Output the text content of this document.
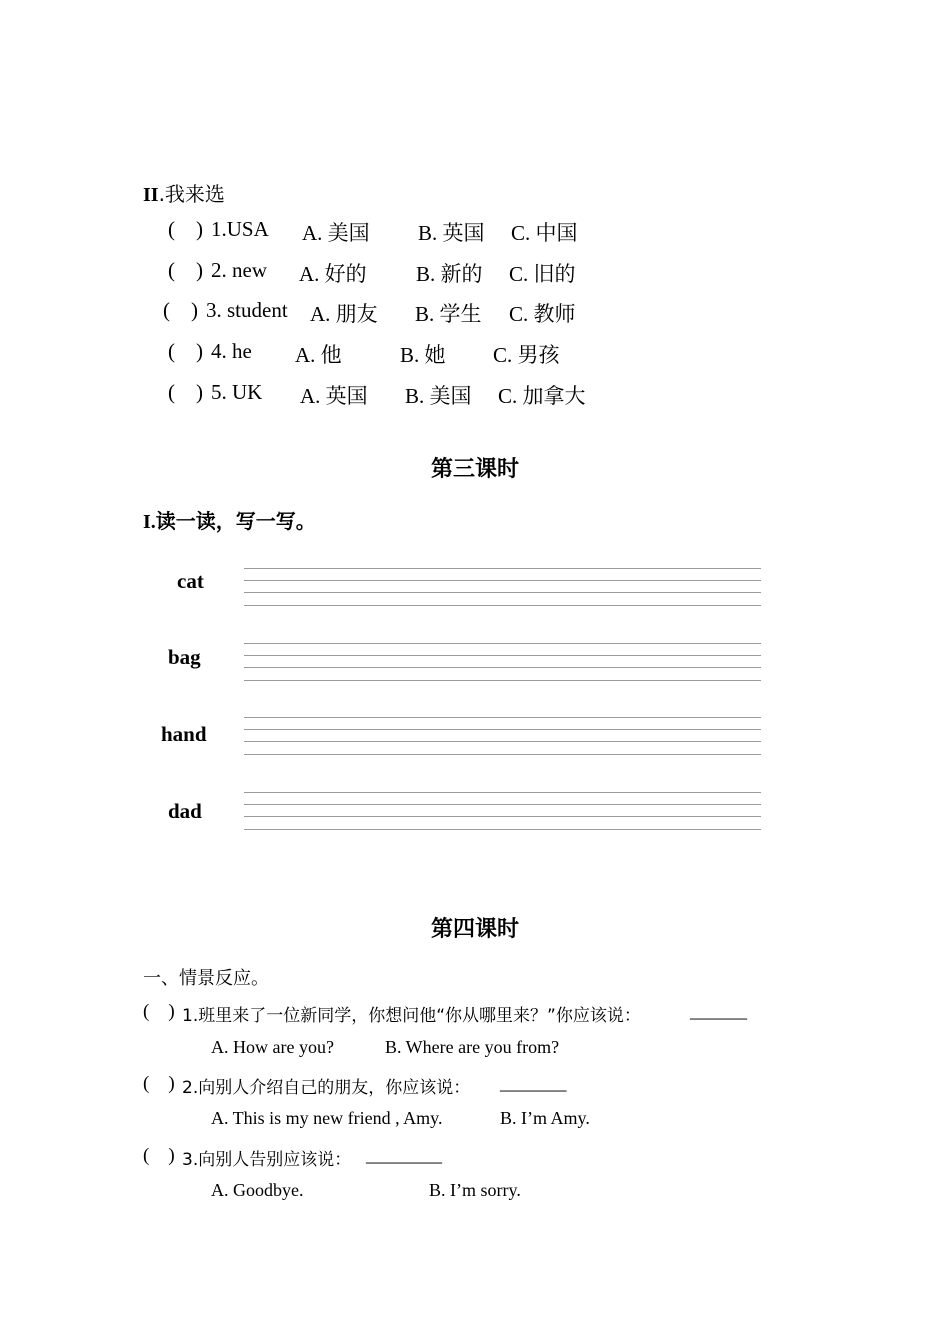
II.我来选
(    ) 1.USA A. 美国 B. 英国 C. 中国
(    ) 2. new A. 好的 B. 新的 C. 旧的
(    ) 3. student A. 朋友 B. 学生 C. 教师
(    ) 4. he A. 他	B. 她 C. 男孩
(    ) 5. UK A. 英国 B. 美国 C. 加拿大
第三课时
I.读一读，写一写。
cat
bag
hand
dad
第四课时
一、情景反应。
(    ) 1.班里来了一位新同学，你想问他“你从哪里来？”你应该说：	______
A. How are you?	B. Where are you from?
(    ) 2.向别人介绍自己的朋友，你应该说： _______
A. This is my new friend , Amy.	B. I’m Amy.
(    ) 3.向别人告别应该说： ________
A. Goodbye.	B. I’m sorry.
